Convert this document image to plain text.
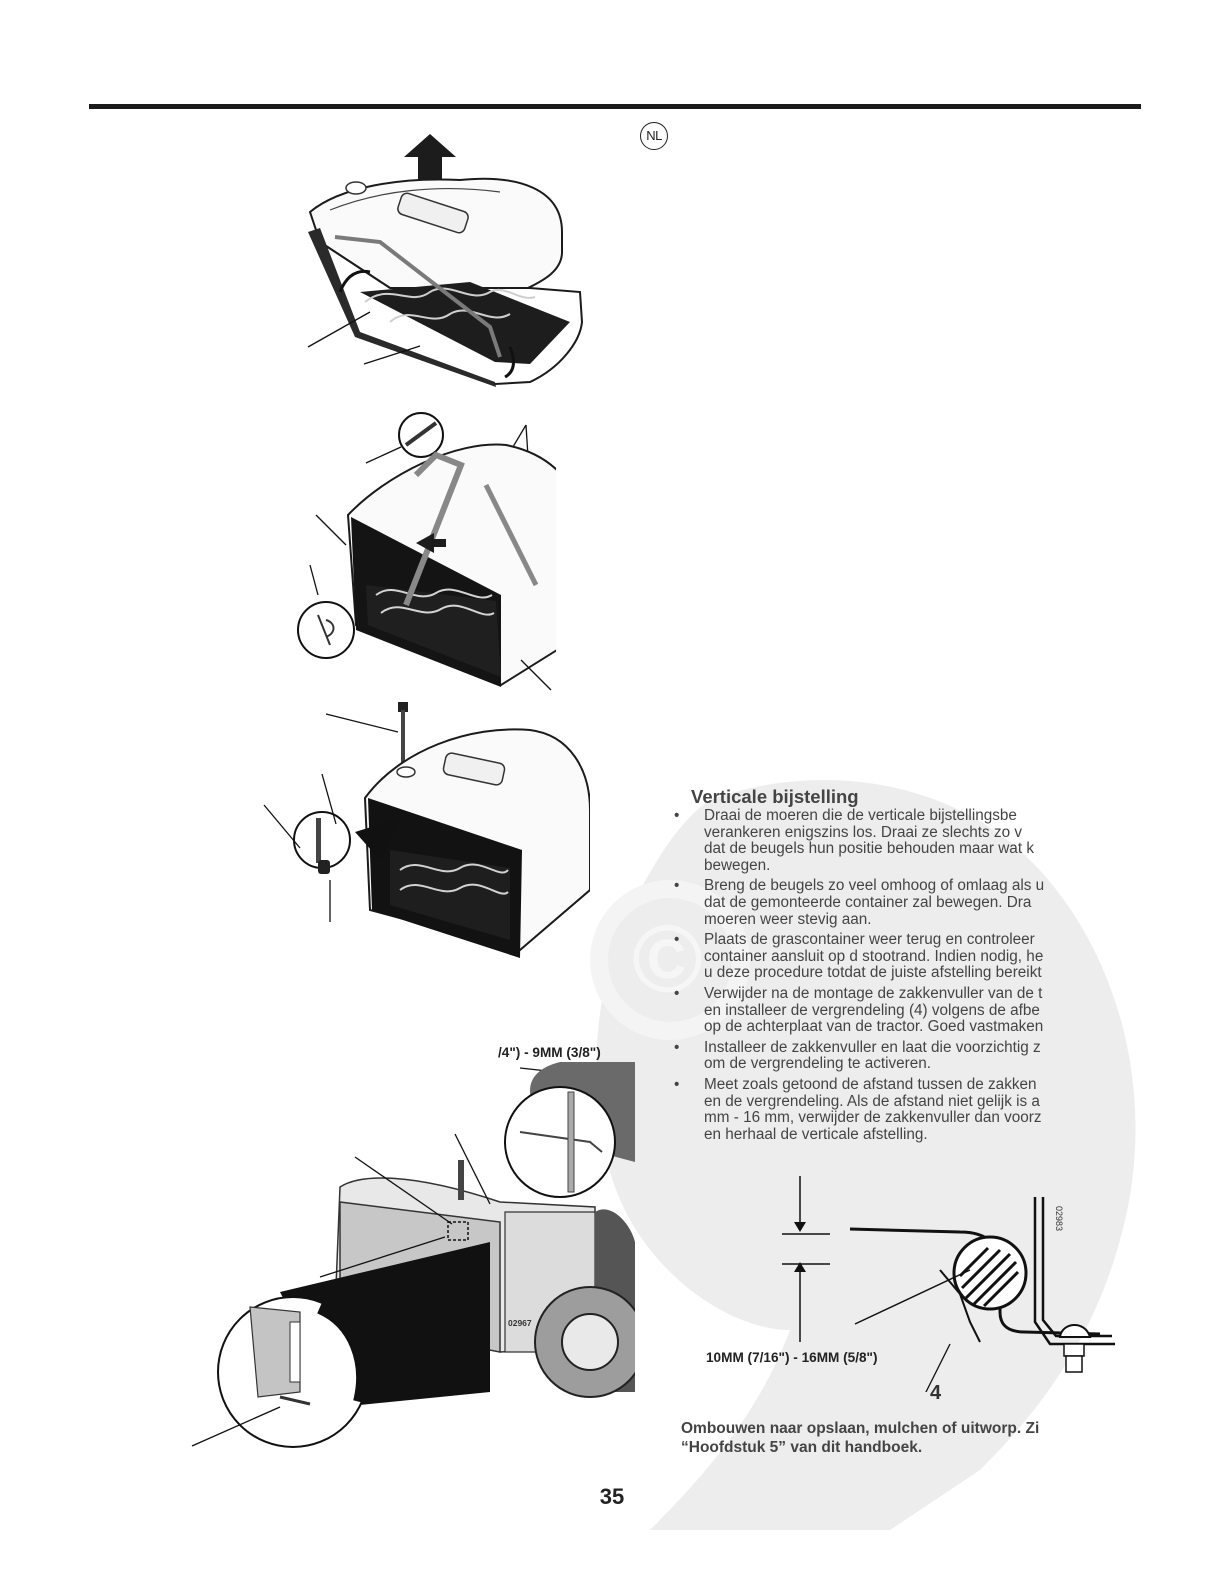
NL
©
02967
/4") - 9MM (3/8")
Verticale bijstelling
• Draai de moeren die de verticale bijstellingsbe
verankeren enigszins los. Draai ze slechts zo v
dat de beugels hun positie behouden maar wat k
bewegen.
• Breng de beugels zo veel omhoog of omlaag als u
dat de gemonteerde container zal bewegen. Dra
moeren weer stevig aan.
• Plaats de grascontainer weer terug en controleer
container aansluit op d stootrand. Indien nodig, he
u deze procedure totdat de juiste afstelling bereikt
• Verwijder na de montage de zakkenvuller van de t
en installeer de vergrendeling (4) volgens de afbe
op de achterplaat van de tractor. Goed vastmaken
• Installeer de zakkenvuller en laat die voorzichtig z
om de vergrendeling te activeren.
• Meet zoals getoond de afstand tussen de zakken
en de vergrendeling. Als de afstand niet gelijk is a
mm - 16 mm, verwijder de zakkenvuller dan voorz
en herhaal de verticale afstelling.
02983
10MM (7/16") - 16MM (5/8")
4
Ombouwen naar opslaan, mulchen of uitworp. Zi
“Hoofdstuk 5” van dit handboek.
35
